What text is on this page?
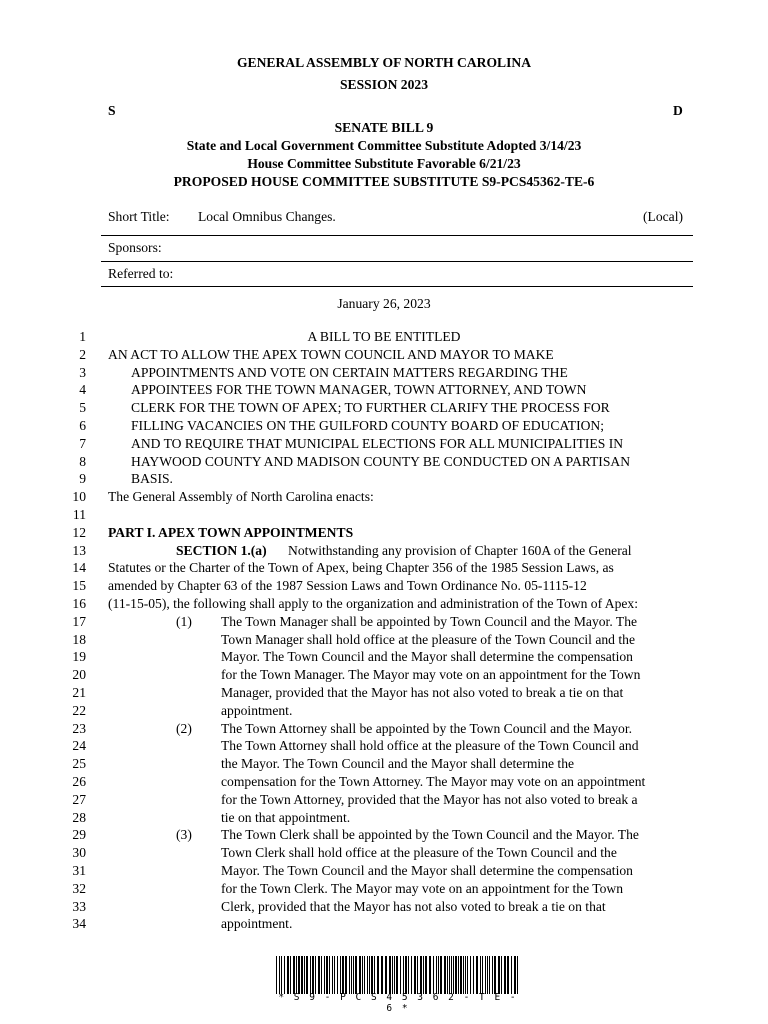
GENERAL ASSEMBLY OF NORTH CAROLINA
SESSION 2023
S	D
SENATE BILL 9
State and Local Government Committee Substitute Adopted 3/14/23
House Committee Substitute Favorable 6/21/23
PROPOSED HOUSE COMMITTEE SUBSTITUTE S9-PCS45362-TE-6
Short Title: Local Omnibus Changes.	(Local)
Sponsors:
Referred to:
January 26, 2023
1
2
3
4
5
6
7
8
9
10
11
12
13
14
15
16
17
18
19
20
21
22
23
24
25
26
27
28
29
30
31
32
33
34
A BILL TO BE ENTITLED
AN ACT TO ALLOW THE APEX TOWN COUNCIL AND MAYOR TO MAKE
APPOINTMENTS AND VOTE ON CERTAIN MATTERS REGARDING THE
APPOINTEES FOR THE TOWN MANAGER, TOWN ATTORNEY, AND TOWN
CLERK FOR THE TOWN OF APEX; TO FURTHER CLARIFY THE PROCESS FOR
FILLING VACANCIES ON THE GUILFORD COUNTY BOARD OF EDUCATION;
AND TO REQUIRE THAT MUNICIPAL ELECTIONS FOR ALL MUNICIPALITIES IN
HAYWOOD COUNTY AND MADISON COUNTY BE CONDUCTED ON A PARTISAN
BASIS.
The General Assembly of North Carolina enacts:
PART I. APEX TOWN APPOINTMENTS
SECTION 1.(a) Notwithstanding any provision of Chapter 160A of the General
Statutes or the Charter of the Town of Apex, being Chapter 356 of the 1985 Session Laws, as
amended by Chapter 63 of the 1987 Session Laws and Town Ordinance No. 05-1115-12
(11-15-05), the following shall apply to the organization and administration of the Town of Apex:
(1) The Town Manager shall be appointed by Town Council and the Mayor. The
Town Manager shall hold office at the pleasure of the Town Council and the
Mayor. The Town Council and the Mayor shall determine the compensation
for the Town Manager. The Mayor may vote on an appointment for the Town
Manager, provided that the Mayor has not also voted to break a tie on that
appointment.
(2) The Town Attorney shall be appointed by the Town Council and the Mayor.
The Town Attorney shall hold office at the pleasure of the Town Council and
the Mayor. The Town Council and the Mayor shall determine the
compensation for the Town Attorney. The Mayor may vote on an appointment
for the Town Attorney, provided that the Mayor has not also voted to break a
tie on that appointment.
(3) The Town Clerk shall be appointed by the Town Council and the Mayor. The
Town Clerk shall hold office at the pleasure of the Town Council and the
Mayor. The Town Council and the Mayor shall determine the compensation
for the Town Clerk. The Mayor may vote on an appointment for the Town
Clerk, provided that the Mayor has not also voted to break a tie on that
appointment.
* S 9 - P C S 4 5 3 6 2 - T E - 6 *
